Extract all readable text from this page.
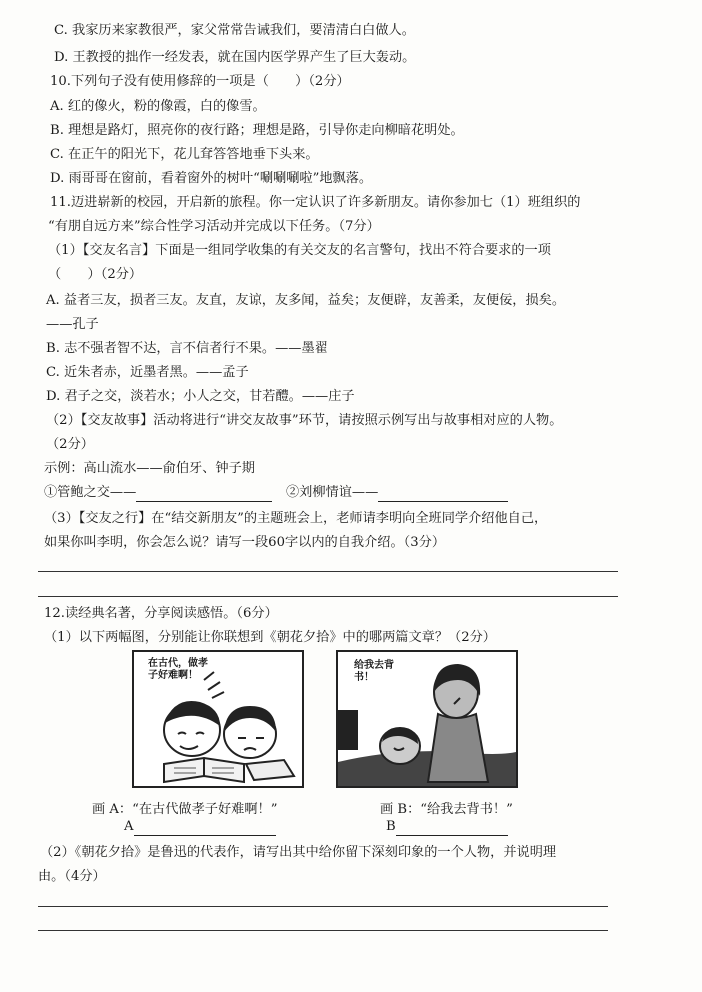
C. 我家历来家教很严，家父常常告诫我们，要清清白白做人。
D. 王教授的拙作一经发表，就在国内医学界产生了巨大轰动。
10.下列句子没有使用修辞的一项是（　　）（2分）
A. 红的像火，粉的像霞，白的像雪。
B. 理想是路灯，照亮你的夜行路；理想是路，引导你走向柳暗花明处。
C. 在正午的阳光下，花儿耷答答地垂下头来。
D. 雨哥哥在窗前，看着窗外的树叶“唰唰唰啦”地飘落。
11.迈进崭新的校园，开启新的旅程。你一定认识了许多新朋友。请你参加七（1）班组织的
“有朋自远方来”综合性学习活动并完成以下任务。（7分）
（1）【交友名言】下面是一组同学收集的有关交友的名言警句，找出不符合要求的一项
（　　）（2分）
A. 益者三友，损者三友。友直，友谅，友多闻，益矣；友便辟，友善柔，友便佞，损矣。
——孔子
B. 志不强者智不达，言不信者行不果。——墨翟
C. 近朱者赤，近墨者黑。——孟子
D. 君子之交，淡若水；小人之交，甘若醴。——庄子
（2）【交友故事】活动将进行“讲交友故事”环节，请按照示例写出与故事相对应的人物。
（2分）
示例：高山流水——俞伯牙、钟子期
①管鲍之交——	②刘柳情谊——
（3）【交友之行】在“结交新朋友”的主题班会上，老师请李明向全班同学介绍他自己，
如果你叫李明，你会怎么说？请写一段60字以内的自我介绍。（3分）
12.读经典名著，分享阅读感悟。（6分）
（1）以下两幅图，分别能让你联想到《朝花夕拾》中的哪两篇文章？（2分）
在古代，做孝子好难啊！
给我去背书！
画 A：“在古代做孝子好难啊！”	画 B：“给我去背书！”
A	B
（2）《朝花夕拾》是鲁迅的代表作，请写出其中给你留下深刻印象的一个人物，并说明理
由。（4分）
